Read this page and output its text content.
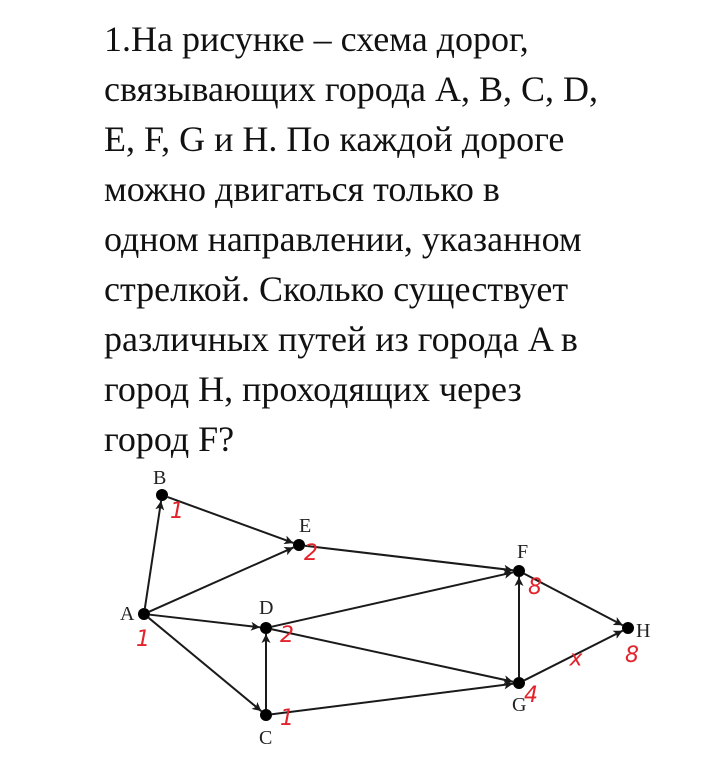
1.На рисунке – схема дорог,
связывающих города A, B, C, D,
E, F, G и H. По каждой дороге
можно двигаться только в
одном направлении, указанном
стрелкой. Сколько существует
различных путей из города A в
город H, проходящих через
город F?
A
B
C
D
E
F
G
H
1
1
1
2
2
8
4
8
x
